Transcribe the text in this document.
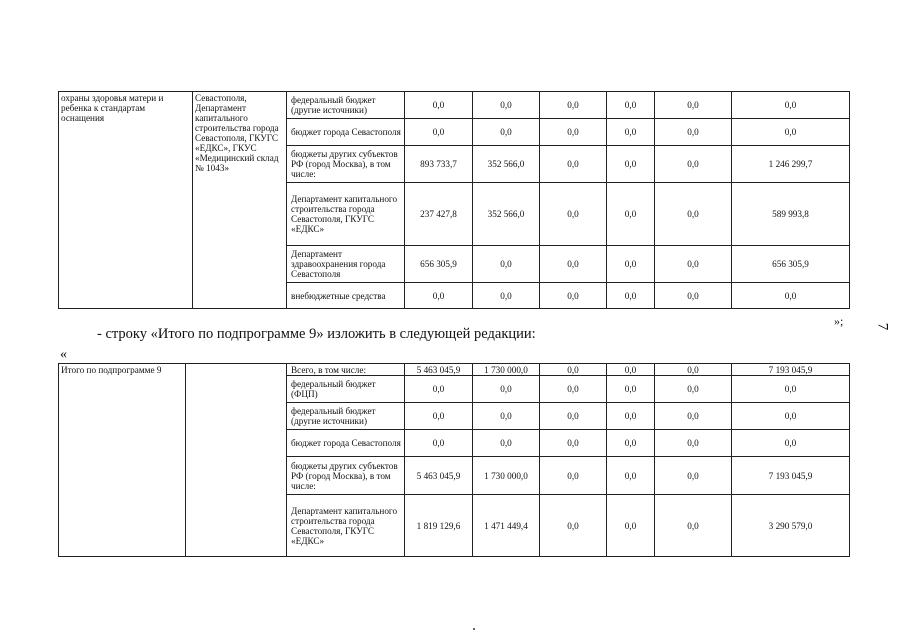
охраны здоровья матери и ребенка к стандартам оснащения	Севастополя, Департамент капитального строительства города Севастополя, ГКУГС «ЕДКС», ГКУС «Медицинский склад № 1043»	федеральный бюджет (другие источники)	0,0	0,0	0,0	0,0	0,0	0,0
		бюджет города Севастополя	0,0	0,0	0,0	0,0	0,0	0,0
		бюджеты других субъектов РФ (город Москва), в том числе:	893 733,7	352 566,0	0,0	0,0	0,0	1 246 299,7
		Департамент капитального строительства города Севастополя, ГКУГС «ЕДКС»	237 427,8	352 566,0	0,0	0,0	0,0	589 993,8
		Департамент здравоохранения города Севастополя	656 305,9	0,0	0,0	0,0	0,0	656 305,9
		внебюджетные средства	0,0	0,0	0,0	0,0	0,0	0,0
»; 7
- строку «Итого по подпрограмме 9» изложить в следующей редакции:
«
Итого по подпрограмме 9		Всего, в том числе:	5 463 045,9	1 730 000,0	0,0	0,0	0,0	7 193 045,9
		федеральный бюджет (ФЦП)	0,0	0,0	0,0	0,0	0,0	0,0
		федеральный бюджет (другие источники)	0,0	0,0	0,0	0,0	0,0	0,0
		бюджет города Севастополя	0,0	0,0	0,0	0,0	0,0	0,0
		бюджеты других субъектов РФ (город Москва), в том числе:	5 463 045,9	1 730 000,0	0,0	0,0	0,0	7 193 045,9
		Департамент капитального строительства города Севастополя, ГКУГС «ЕДКС»	1 819 129,6	1 471 449,4	0,0	0,0	0,0	3 290 579,0
